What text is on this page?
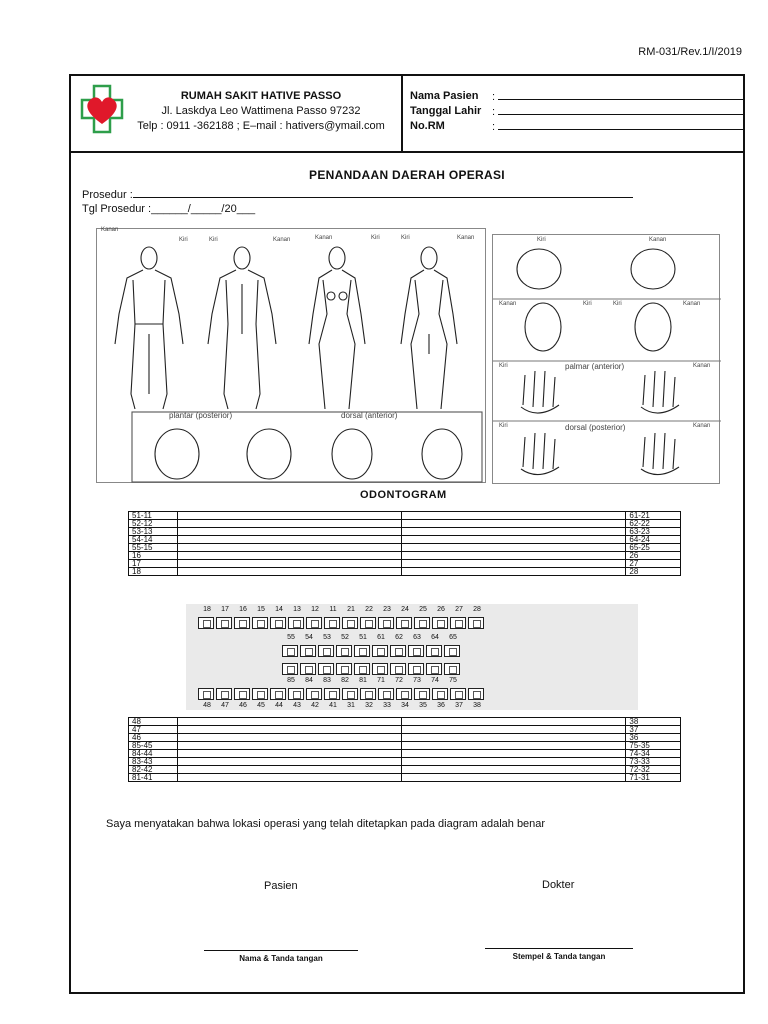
RM-031/Rev.1/I/2019
RUMAH SAKIT HATIVE PASSO
Jl. Laskdya Leo Wattimena Passo 97232
Telp : 0911 -362188 ; E–mail : hativers@ymail.com
Nama Pasien :
Tanggal Lahir :
No.RM	:
PENANDAAN DAERAH OPERASI
Prosedur :
Tgl Prosedur :______/_____/20___
Kanan
Kiri	Kiri	Kanan	Kanan	Kiri	Kiri	Kanan
plantar (posterior)	dorsal (anterior)
Kiri	Kanan
Kanan	Kiri	Kiri	Kanan
Kiri	palmar (anterior)	Kanan
Kiri	dorsal (posterior)	Kanan
ODONTOGRAM
51-11			61-21
52-12			62-22
53-13			63-23
54-14			64-24
55-15			65-25
16			26
17			27
18			28
18	17	16	15	14	13	12	11	21	22	23	24	25	26	27	28
55	54	53	52	51	61	62	63	64	65
85	84	83	82	81	71	72	73	74	75
48	47	46	45	44	43	42	41	31	32	33	34	35	36	37	38
48			38
47			37
46			36
85-45			75-35
84-44			74-34
83-43			73-33
82-42			72-32
81-41			71-31
Saya menyatakan bahwa lokasi operasi yang telah ditetapkan pada diagram adalah benar
Pasien	Dokter
Nama & Tanda tangan	Stempel & Tanda tangan
